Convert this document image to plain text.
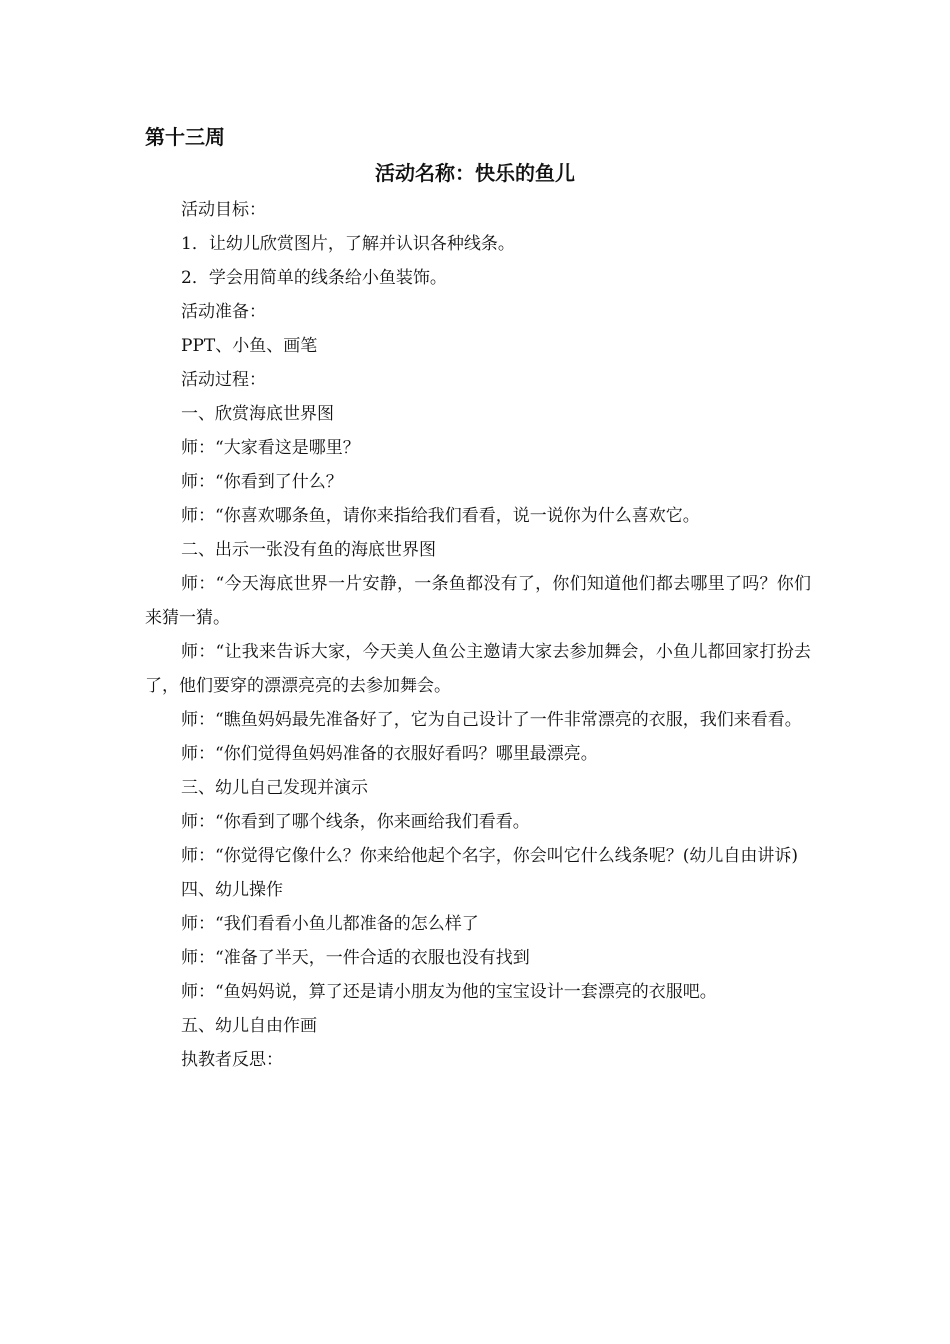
第十三周
活动名称：快乐的鱼儿

活动目标：

1．让幼儿欣赏图片，了解并认识各种线条。

2．学会用简单的线条给小鱼装饰。

活动准备：

PPT、小鱼、画笔

活动过程：

一、欣赏海底世界图

师：“大家看这是哪里？

师：“你看到了什么？

师：“你喜欢哪条鱼，请你来指给我们看看，说一说你为什么喜欢它。

二、出示一张没有鱼的海底世界图

师：“今天海底世界一片安静，一条鱼都没有了，你们知道他们都去哪里了吗？你们来猜一猜。

师：“让我来告诉大家，今天美人鱼公主邀请大家去参加舞会，小鱼儿都回家打扮去了，他们要穿的漂漂亮亮的去参加舞会。

师：“瞧鱼妈妈最先准备好了，它为自己设计了一件非常漂亮的衣服，我们来看看。

师：“你们觉得鱼妈妈准备的衣服好看吗？哪里最漂亮。

三、幼儿自己发现并演示

师：“你看到了哪个线条，你来画给我们看看。

师：“你觉得它像什么？你来给他起个名字，你会叫它什么线条呢？(幼儿自由讲诉)

四、幼儿操作

师：“我们看看小鱼儿都准备的怎么样了

师：“准备了半天，一件合适的衣服也没有找到

师：“鱼妈妈说，算了还是请小朋友为他的宝宝设计一套漂亮的衣服吧。

五、幼儿自由作画

执教者反思：
